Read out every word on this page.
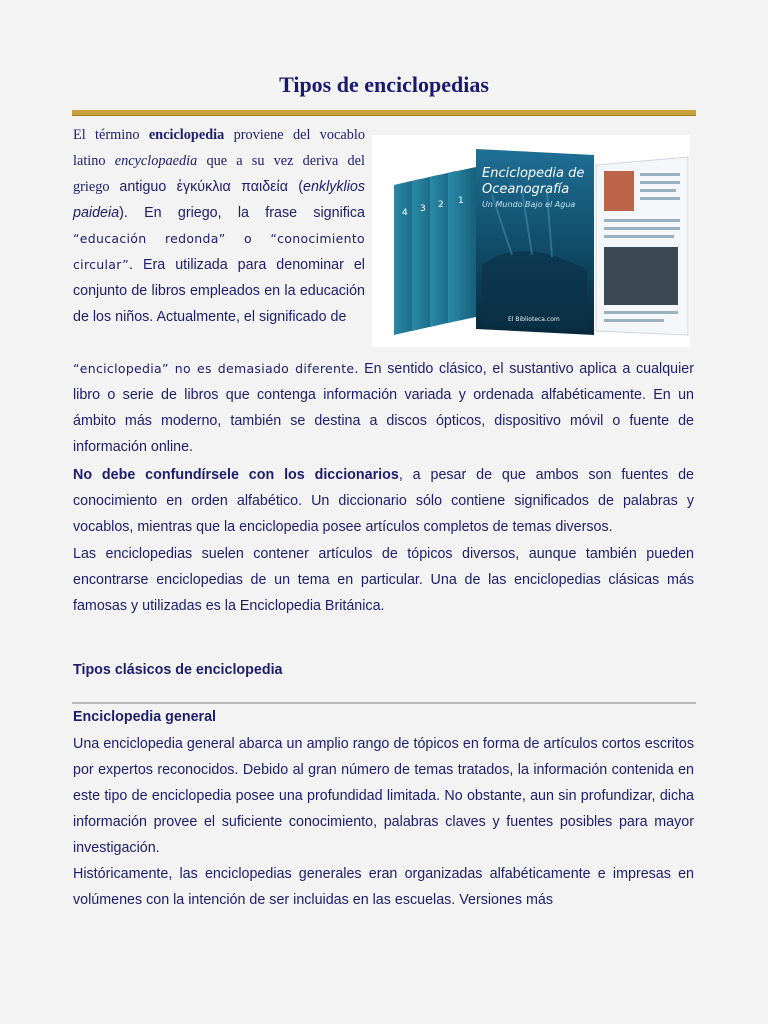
Tipos de enciclopedias

El término enciclopedia proviene del vocablo latino encyclopaedia que a su vez deriva del griego antiguo ἐγκύκλια παιδεία (enklyklios paideia). En griego, la frase significa “educación redonda” o “conocimiento circular”. Era utilizada para denominar el conjunto de libros empleados en la educación de los niños. Actualmente, el significado de

4 3 2 1
Enciclopedia de
Oceanografía
Un Mundo Bajo el Agua
El Biblioteca.com

“enciclopedia” no es demasiado diferente. En sentido clásico, el sustantivo aplica a cualquier libro o serie de libros que contenga información variada y ordenada alfabéticamente. En un ámbito más moderno, también se destina a discos ópticos, dispositivo móvil o fuente de información online.

No debe confundírsele con los diccionarios, a pesar de que ambos son fuentes de conocimiento en orden alfabético. Un diccionario sólo contiene significados de palabras y vocablos, mientras que la enciclopedia posee artículos completos de temas diversos.

Las enciclopedias suelen contener artículos de tópicos diversos, aunque también pueden encontrarse enciclopedias de un tema en particular. Una de las enciclopedias clásicas más famosas y utilizadas es la Enciclopedia Británica.

Tipos clásicos de enciclopedia
Enciclopedia general

Una enciclopedia general abarca un amplio rango de tópicos en forma de artículos cortos escritos por expertos reconocidos. Debido al gran número de temas tratados, la información contenida en este tipo de enciclopedia posee una profundidad limitada. No obstante, aun sin profundizar, dicha información provee el suficiente conocimiento, palabras claves y fuentes posibles para mayor investigación.

Históricamente, las enciclopedias generales eran organizadas alfabéticamente e impresas en volúmenes con la intención de ser incluidas en las escuelas. Versiones más
